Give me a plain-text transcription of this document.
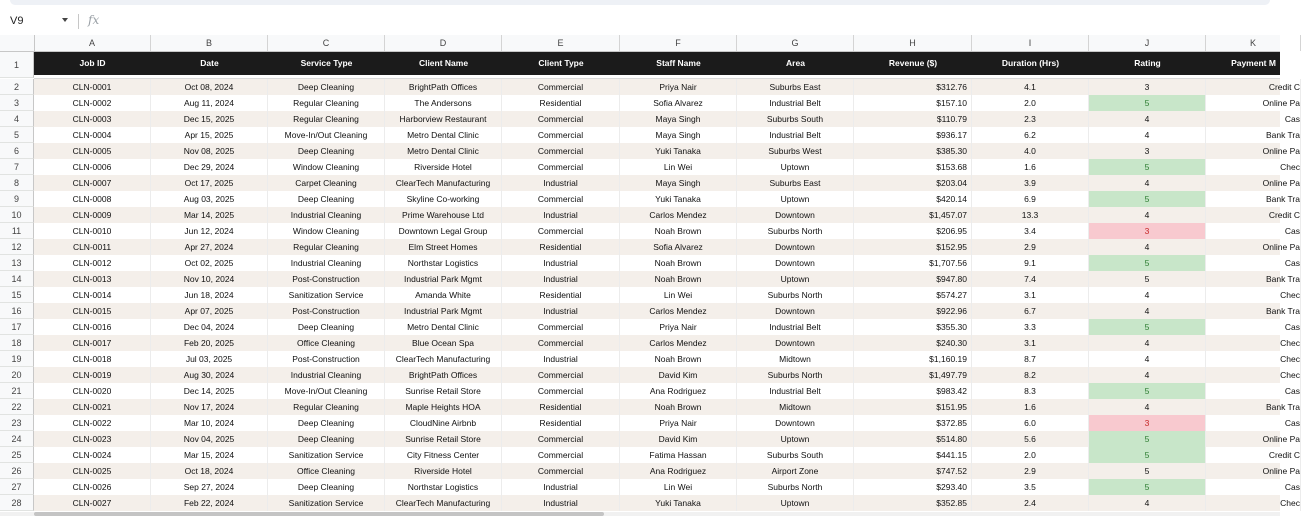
V9	fx
A	B	C	D	E	F	G	H	I	J	K
1	Job ID	Date	Service Type	Client Name	Client Type	Staff Name	Area	Revenue ($)	Duration (Hrs)	Rating	Payment M
2	CLN-0001	Oct 08, 2024	Deep Cleaning	BrightPath Offices	Commercial	Priya Nair	Suburbs East	$312.76	4.1	3	Credit C
3	CLN-0002	Aug 11, 2024	Regular Cleaning	The Andersons	Residential	Sofia Alvarez	Industrial Belt	$157.10	2.0	5	Online Pa
4	CLN-0003	Dec 15, 2025	Regular Cleaning	Harborview Restaurant	Commercial	Maya Singh	Suburbs South	$110.79	2.3	4	Cas
5	CLN-0004	Apr 15, 2025	Move-In/Out Cleaning	Metro Dental Clinic	Commercial	Maya Singh	Industrial Belt	$936.17	6.2	4	Bank Tra
6	CLN-0005	Nov 08, 2025	Deep Cleaning	Metro Dental Clinic	Commercial	Yuki Tanaka	Suburbs West	$385.30	4.0	3	Online Pa
7	CLN-0006	Dec 29, 2024	Window Cleaning	Riverside Hotel	Commercial	Lin Wei	Uptown	$153.68	1.6	5	Chec
8	CLN-0007	Oct 17, 2025	Carpet Cleaning	ClearTech Manufacturing	Industrial	Maya Singh	Suburbs East	$203.04	3.9	4	Online Pa
9	CLN-0008	Aug 03, 2025	Deep Cleaning	Skyline Co-working	Commercial	Yuki Tanaka	Uptown	$420.14	6.9	5	Bank Tra
10	CLN-0009	Mar 14, 2025	Industrial Cleaning	Prime Warehouse Ltd	Industrial	Carlos Mendez	Downtown	$1,457.07	13.3	4	Credit C
11	CLN-0010	Jun 12, 2024	Window Cleaning	Downtown Legal Group	Commercial	Noah Brown	Suburbs North	$206.95	3.4	3	Cas
12	CLN-0011	Apr 27, 2024	Regular Cleaning	Elm Street Homes	Residential	Sofia Alvarez	Downtown	$152.95	2.9	4	Online Pa
13	CLN-0012	Oct 02, 2025	Industrial Cleaning	Northstar Logistics	Industrial	Noah Brown	Downtown	$1,707.56	9.1	5	Cas
14	CLN-0013	Nov 10, 2024	Post-Construction	Industrial Park Mgmt	Industrial	Noah Brown	Uptown	$947.80	7.4	5	Bank Tra
15	CLN-0014	Jun 18, 2024	Sanitization Service	Amanda White	Residential	Lin Wei	Suburbs North	$574.27	3.1	4	Chec
16	CLN-0015	Apr 07, 2025	Post-Construction	Industrial Park Mgmt	Industrial	Carlos Mendez	Downtown	$922.96	6.7	4	Bank Tra
17	CLN-0016	Dec 04, 2024	Deep Cleaning	Metro Dental Clinic	Commercial	Priya Nair	Industrial Belt	$355.30	3.3	5	Cas
18	CLN-0017	Feb 20, 2025	Office Cleaning	Blue Ocean Spa	Commercial	Carlos Mendez	Downtown	$240.30	3.1	4	Chec
19	CLN-0018	Jul 03, 2025	Post-Construction	ClearTech Manufacturing	Industrial	Noah Brown	Midtown	$1,160.19	8.7	4	Chec
20	CLN-0019	Aug 30, 2024	Industrial Cleaning	BrightPath Offices	Commercial	David Kim	Suburbs North	$1,497.79	8.2	4	Chec
21	CLN-0020	Dec 14, 2025	Move-In/Out Cleaning	Sunrise Retail Store	Commercial	Ana Rodriguez	Industrial Belt	$983.42	8.3	5	Cas
22	CLN-0021	Nov 17, 2024	Regular Cleaning	Maple Heights HOA	Residential	Noah Brown	Midtown	$151.95	1.6	4	Bank Tra
23	CLN-0022	Mar 10, 2024	Deep Cleaning	CloudNine Airbnb	Residential	Priya Nair	Downtown	$372.85	6.0	3	Cas
24	CLN-0023	Nov 04, 2025	Deep Cleaning	Sunrise Retail Store	Commercial	David Kim	Uptown	$514.80	5.6	5	Online Pa
25	CLN-0024	Mar 15, 2024	Sanitization Service	City Fitness Center	Commercial	Fatima Hassan	Suburbs South	$441.15	2.0	5	Credit C
26	CLN-0025	Oct 18, 2024	Office Cleaning	Riverside Hotel	Commercial	Ana Rodriguez	Airport Zone	$747.52	2.9	5	Online Pa
27	CLN-0026	Sep 27, 2024	Deep Cleaning	Northstar Logistics	Industrial	Lin Wei	Suburbs North	$293.40	3.5	5	Cas
28	CLN-0027	Feb 22, 2024	Sanitization Service	ClearTech Manufacturing	Industrial	Yuki Tanaka	Uptown	$352.85	2.4	4	Chec
